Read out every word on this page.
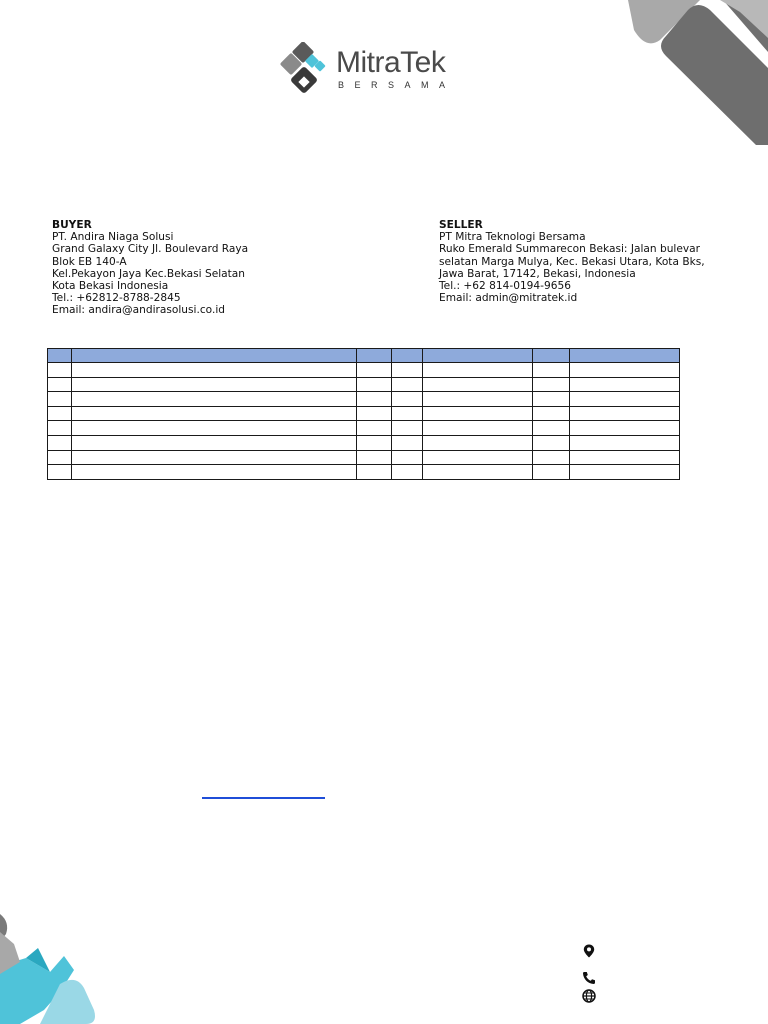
MitraTek
BERSAMA
BUYER
PT. Andira Niaga Solusi
Grand Galaxy City Jl. Boulevard Raya
Blok EB 140-A
Kel.Pekayon Jaya Kec.Bekasi Selatan
Kota Bekasi Indonesia
Tel.: +62812-8788-2845
Email: andira@andirasolusi.co.id
SELLER
PT Mitra Teknologi Bersama
Ruko Emerald Summarecon Bekasi: Jalan bulevar
selatan Marga Mulya, Kec. Bekasi Utara, Kota Bks,
Jawa Barat, 17142, Bekasi, Indonesia
Tel.: +62 814-0194-9656
Email: admin@mitratek.id
